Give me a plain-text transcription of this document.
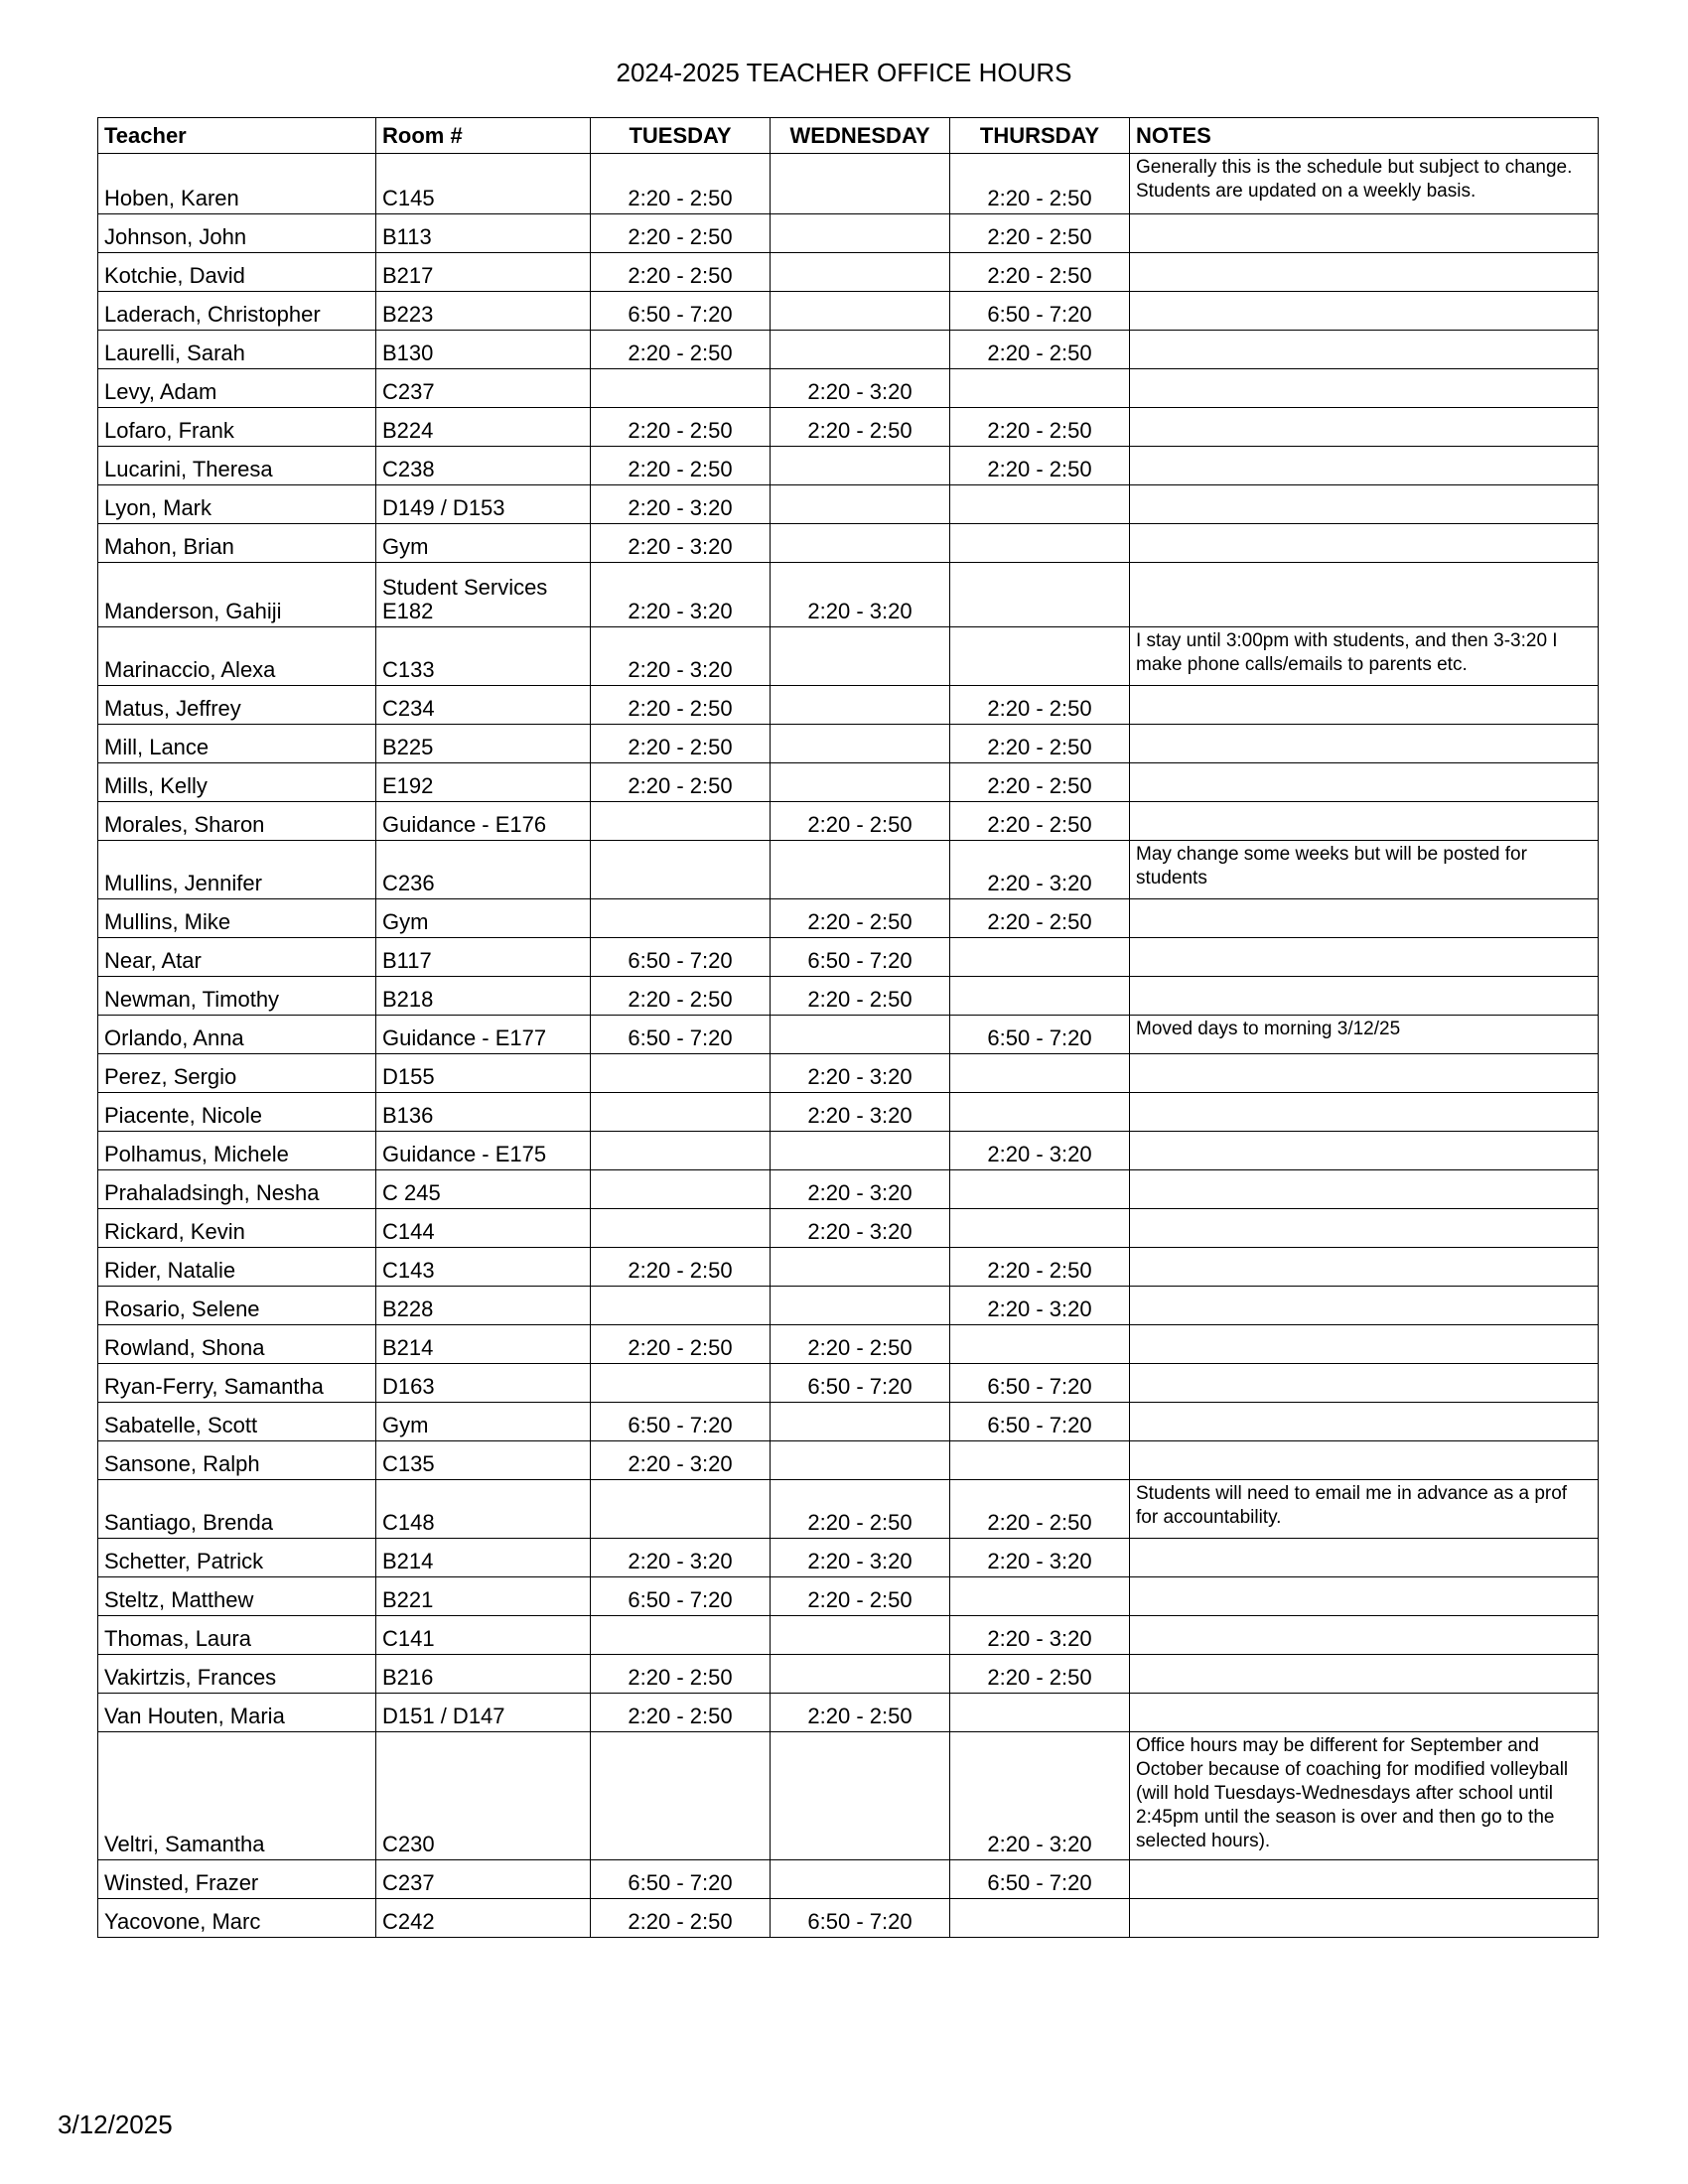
2024-2025 TEACHER OFFICE HOURS
Teacher	Room #	TUESDAY	WEDNESDAY	THURSDAY	NOTES
Hoben, Karen	C145	2:20 - 2:50		2:20 - 2:50	Generally this is the schedule but subject to change. Students are updated on a weekly basis.
Johnson, John	B113	2:20 - 2:50		2:20 - 2:50	
Kotchie, David	B217	2:20 - 2:50		2:20 - 2:50	
Laderach, Christopher	B223	6:50 - 7:20		6:50 - 7:20	
Laurelli, Sarah	B130	2:20 - 2:50		2:20 - 2:50	
Levy, Adam	C237		2:20 - 3:20		
Lofaro, Frank	B224	2:20 - 2:50	2:20 - 2:50	2:20 - 2:50	
Lucarini, Theresa	C238	2:20 - 2:50		2:20 - 2:50	
Lyon, Mark	D149 / D153	2:20 - 3:20			
Mahon, Brian	Gym	2:20 - 3:20			
Manderson, Gahiji	Student Services E182	2:20 - 3:20	2:20 - 3:20		
Marinaccio, Alexa	C133	2:20 - 3:20			I stay until 3:00pm with students, and then 3-3:20 I make phone calls/emails to parents etc.
Matus, Jeffrey	C234	2:20 - 2:50		2:20 - 2:50	
Mill, Lance	B225	2:20 - 2:50		2:20 - 2:50	
Mills, Kelly	E192	2:20 - 2:50		2:20 - 2:50	
Morales, Sharon	Guidance - E176		2:20 - 2:50	2:20 - 2:50	
Mullins, Jennifer	C236			2:20 - 3:20	May change some weeks but will be posted for students
Mullins, Mike	Gym		2:20 - 2:50	2:20 - 2:50	
Near, Atar	B117	6:50 - 7:20	6:50 - 7:20		
Newman, Timothy	B218	2:20 - 2:50	2:20 - 2:50		
Orlando, Anna	Guidance - E177	6:50 - 7:20		6:50 - 7:20	Moved days to morning 3/12/25
Perez, Sergio	D155		2:20 - 3:20		
Piacente, Nicole	B136		2:20 - 3:20		
Polhamus, Michele	Guidance - E175			2:20 - 3:20	
Prahaladsingh, Nesha	C 245		2:20 - 3:20		
Rickard, Kevin	C144		2:20 - 3:20		
Rider, Natalie	C143	2:20 - 2:50		2:20 - 2:50	
Rosario, Selene	B228			2:20 - 3:20	
Rowland, Shona	B214	2:20 - 2:50	2:20 - 2:50		
Ryan-Ferry, Samantha	D163		6:50 - 7:20	6:50 - 7:20	
Sabatelle, Scott	Gym	6:50 - 7:20		6:50 - 7:20	
Sansone, Ralph	C135	2:20 - 3:20			
Santiago, Brenda	C148		2:20 - 2:50	2:20 - 2:50	Students will need to email me in advance as a prof for accountability.
Schetter, Patrick	B214	2:20 - 3:20	2:20 - 3:20	2:20 - 3:20	
Steltz, Matthew	B221	6:50 - 7:20	2:20 - 2:50		
Thomas, Laura	C141			2:20 - 3:20	
Vakirtzis, Frances	B216	2:20 - 2:50		2:20 - 2:50	
Van Houten, Maria	D151 / D147	2:20 - 2:50	2:20 - 2:50		
Veltri, Samantha	C230			2:20 - 3:20	Office hours may be different for September and October because of coaching for modified volleyball (will hold Tuesdays-Wednesdays after school until 2:45pm until the season is over and then go to the selected hours).
Winsted, Frazer	C237	6:50 - 7:20		6:50 - 7:20	
Yacovone, Marc	C242	2:20 - 2:50	6:50 - 7:20		
3/12/2025
